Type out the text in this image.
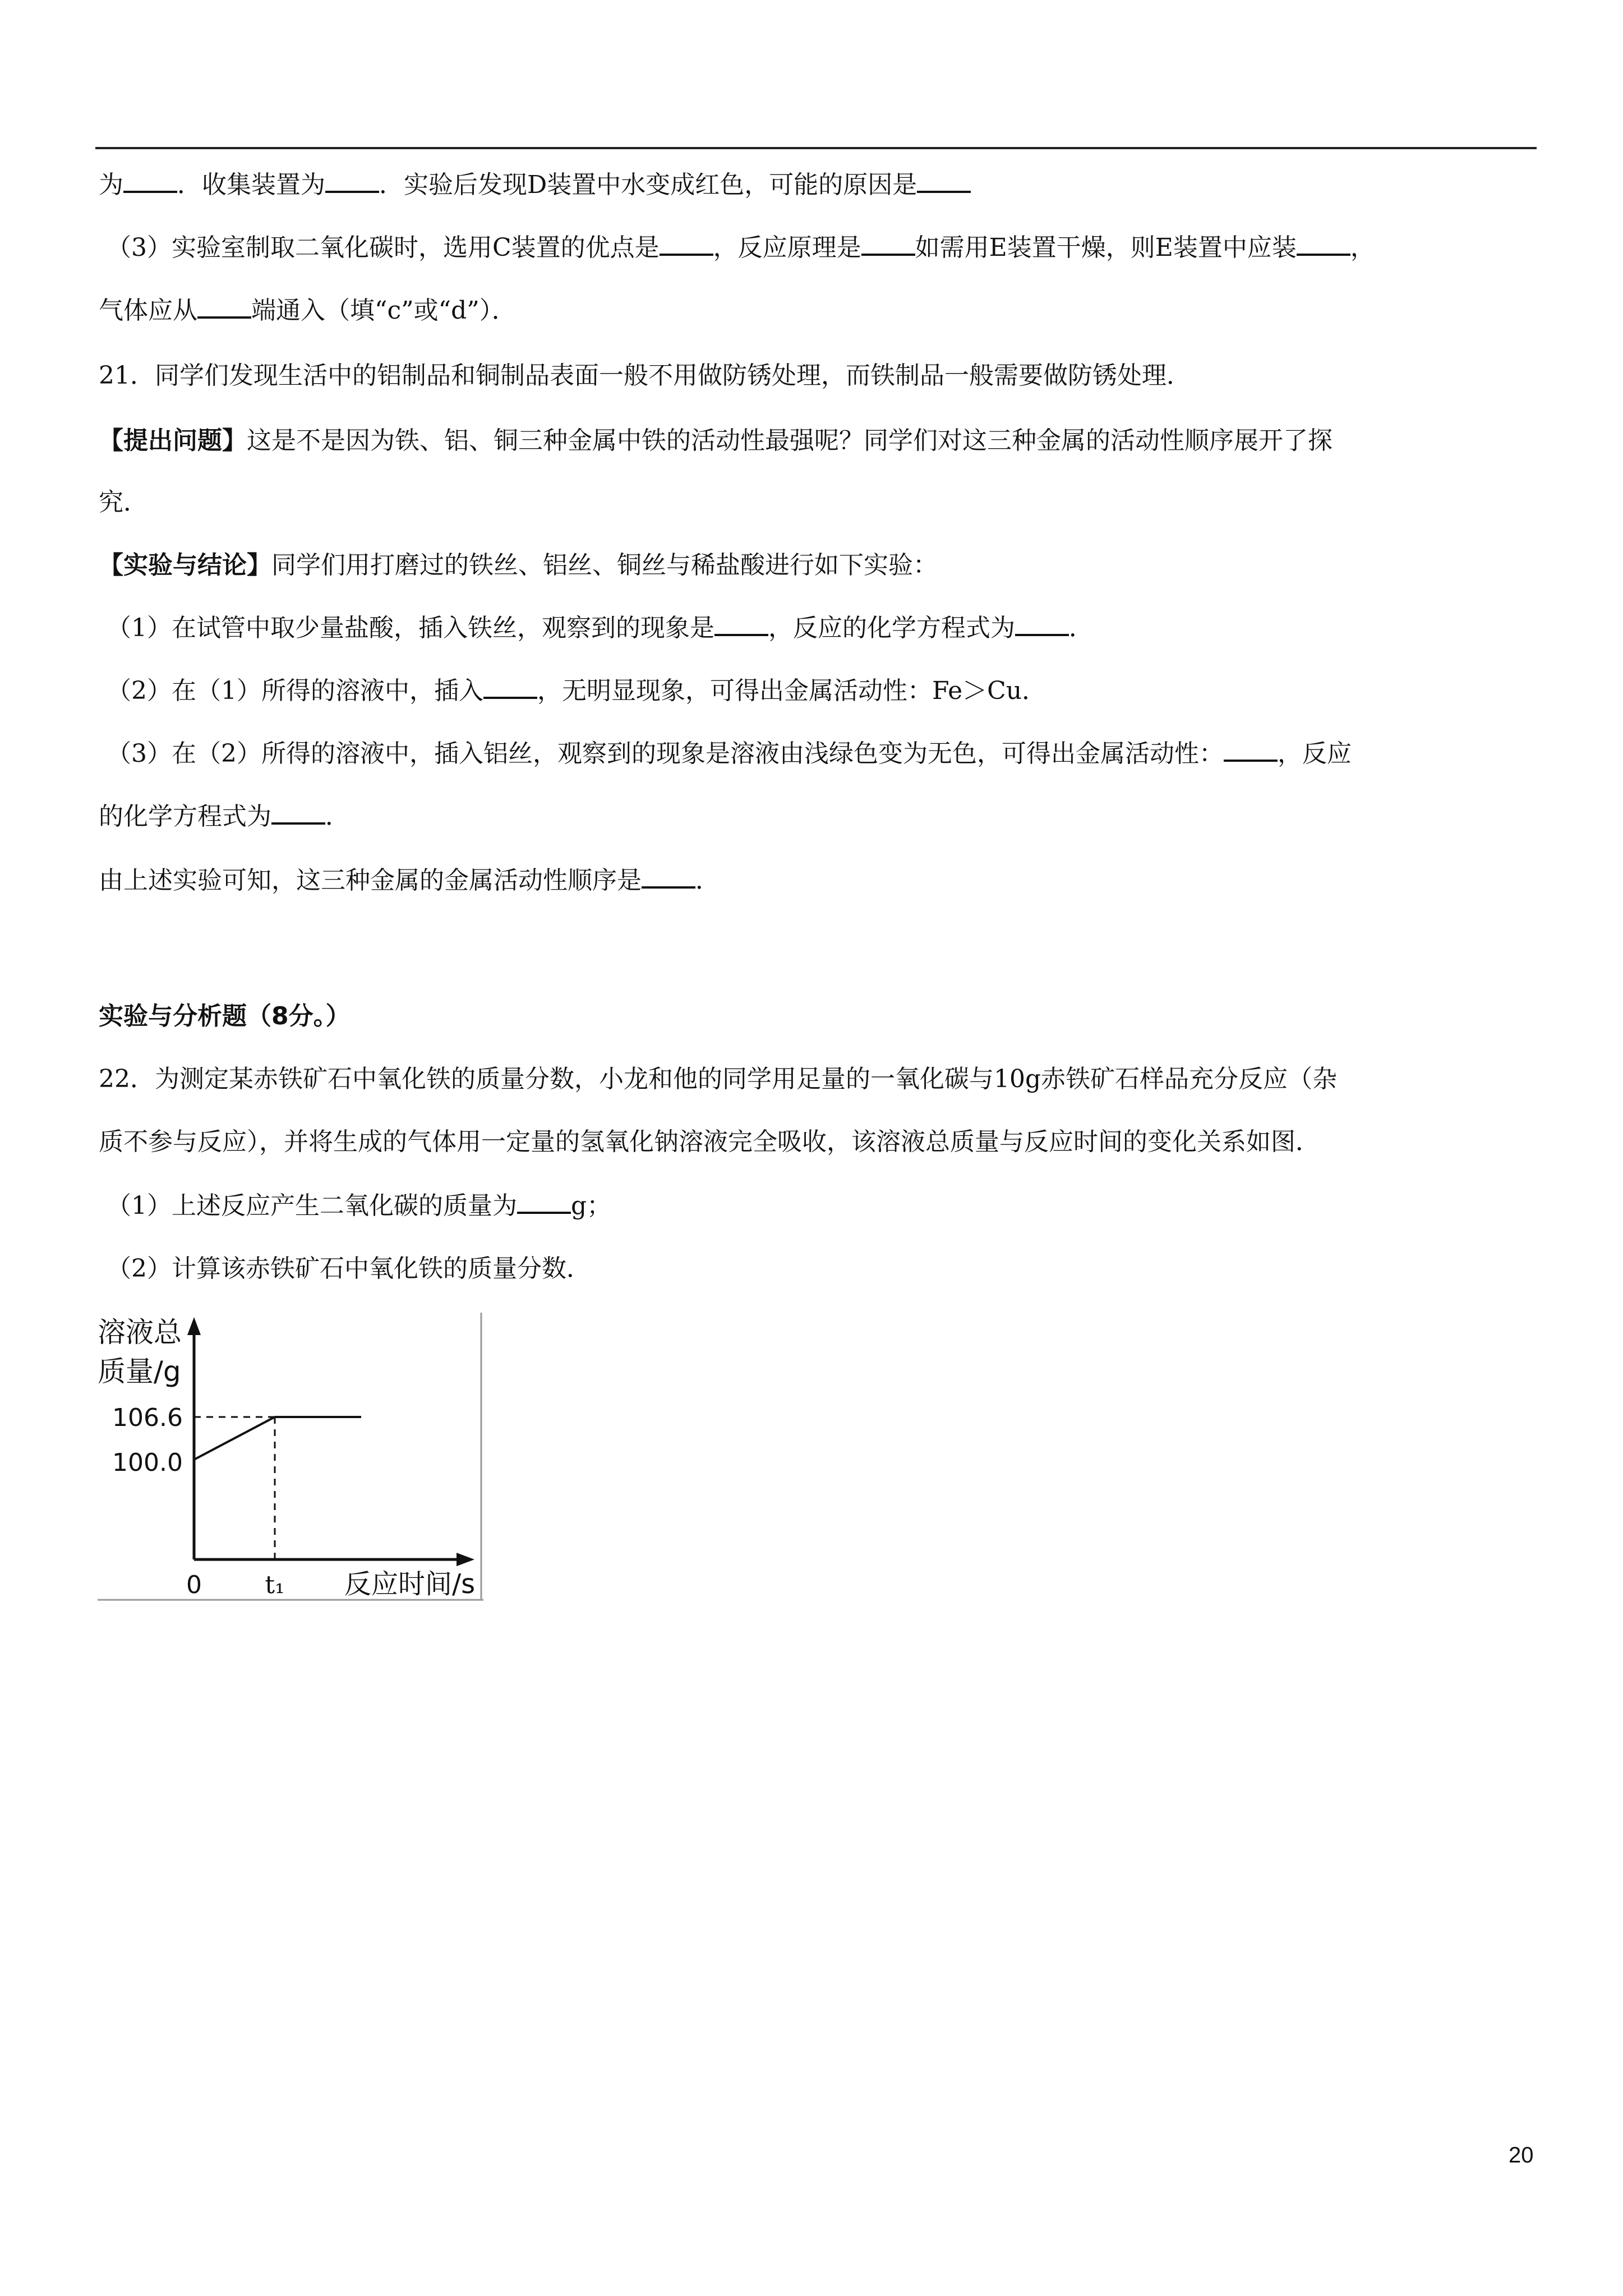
为 ．收集装置为 ．实验后发现D装置中水变成红色，可能的原因是
（3）实验室制取二氧化碳时，选用C装置的优点是 ，反应原理是 如需用E装置干燥，则E装置中应装 ，
气体应从 端通入（填“c”或“d”）．
21．同学们发现生活中的铝制品和铜制品表面一般不用做防锈处理，而铁制品一般需要做防锈处理．
【提出问题】这是不是因为铁、铝、铜三种金属中铁的活动性最强呢？同学们对这三种金属的活动性顺序展开了探
究．
【实验与结论】同学们用打磨过的铁丝、铝丝、铜丝与稀盐酸进行如下实验：
（1）在试管中取少量盐酸，插入铁丝，观察到的现象是 ，反应的化学方程式为 ．
（2）在（1）所得的溶液中，插入 ，无明显现象，可得出金属活动性：Fe＞Cu．
（3）在（2）所得的溶液中，插入铝丝，观察到的现象是溶液由浅绿色变为无色，可得出金属活动性： ，反应
的化学方程式为 ．
由上述实验可知，这三种金属的金属活动性顺序是 ．
实验与分析题（8分。）
22．为测定某赤铁矿石中氧化铁的质量分数，小龙和他的同学用足量的一氧化碳与10g赤铁矿石样品充分反应（杂
质不参与反应），并将生成的气体用一定量的氢氧化钠溶液完全吸收，该溶液总质量与反应时间的变化关系如图．
（1）上述反应产生二氧化碳的质量为 g；
（2）计算该赤铁矿石中氧化铁的质量分数．
溶液总
质量/g
106.6
100.0
0	t₁ 反应时间/s
20
